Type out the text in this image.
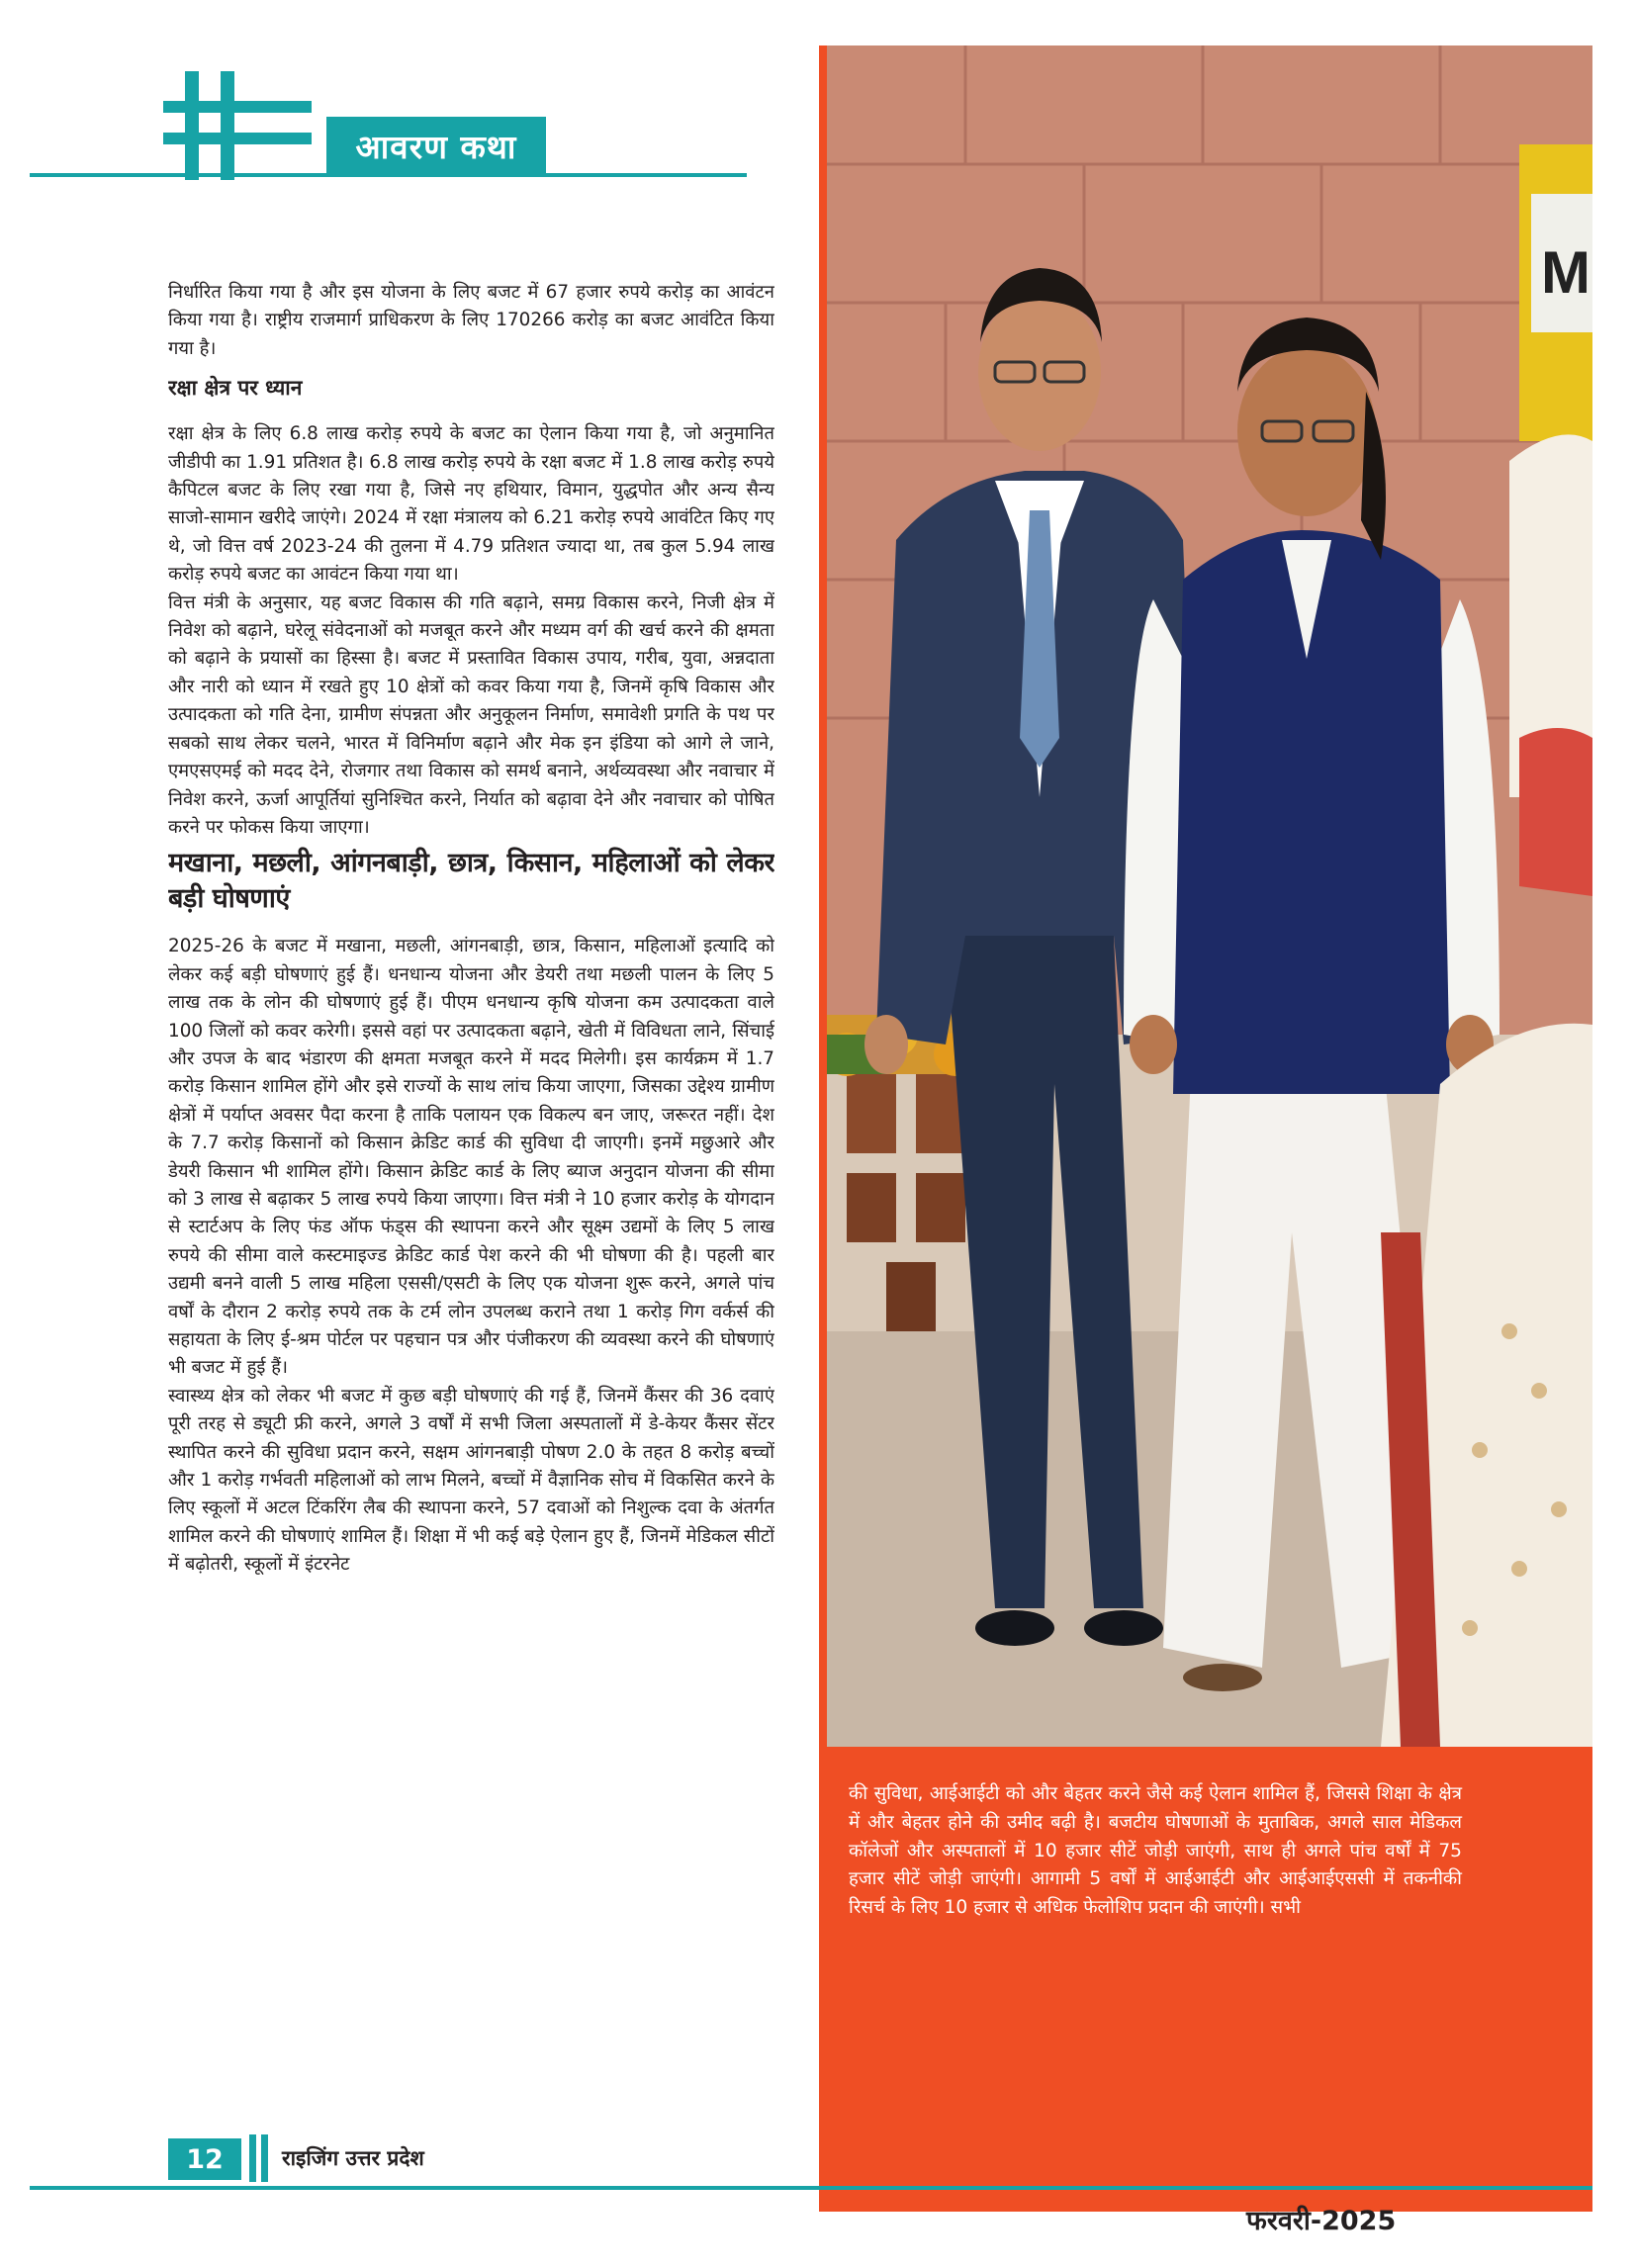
आवरण कथा

निर्धारित किया गया है और इस योजना के लिए बजट में 67 हजार रुपये करोड़ का आवंटन किया गया है। राष्ट्रीय राजमार्ग प्राधिकरण के लिए 170266 करोड़ का बजट आवंटित किया गया है।

रक्षा क्षेत्र पर ध्यान

रक्षा क्षेत्र के लिए 6.8 लाख करोड़ रुपये के बजट का ऐलान किया गया है, जो अनुमानित जीडीपी का 1.91 प्रतिशत है। 6.8 लाख करोड़ रुपये के रक्षा बजट में 1.8 लाख करोड़ रुपये कैपिटल बजट के लिए रखा गया है, जिसे नए हथियार, विमान, युद्धपोत और अन्य सैन्य साजो-सामान खरीदे जाएंगे। 2024 में रक्षा मंत्रालय को 6.21 करोड़ रुपये आवंटित किए गए थे, जो वित्त वर्ष 2023-24 की तुलना में 4.79 प्रतिशत ज्यादा था, तब कुल 5.94 लाख करोड़ रुपये बजट का आवंटन किया गया था।

वित्त मंत्री के अनुसार, यह बजट विकास की गति बढ़ाने, समग्र विकास करने, निजी क्षेत्र में निवेश को बढ़ाने, घरेलू संवेदनाओं को मजबूत करने और मध्यम वर्ग की खर्च करने की क्षमता को बढ़ाने के प्रयासों का हिस्सा है। बजट में प्रस्तावित विकास उपाय, गरीब, युवा, अन्नदाता और नारी को ध्यान में रखते हुए 10 क्षेत्रों को कवर किया गया है, जिनमें कृषि विकास और उत्पादकता को गति देना, ग्रामीण संपन्नता और अनुकूलन निर्माण, समावेशी प्रगति के पथ पर सबको साथ लेकर चलने, भारत में विनिर्माण बढ़ाने और मेक इन इंडिया को आगे ले जाने, एमएसएमई को मदद देने, रोजगार तथा विकास को समर्थ बनाने, अर्थव्यवस्था और नवाचार में निवेश करने, ऊर्जा आपूर्तियां सुनिश्चित करने, निर्यात को बढ़ावा देने और नवाचार को पोषित करने पर फोकस किया जाएगा।

मखाना, मछली, आंगनबाड़ी, छात्र, किसान, महिलाओं को लेकर बड़ी घोषणाएं

2025-26 के बजट में मखाना, मछली, आंगनबाड़ी, छात्र, किसान, महिलाओं इत्यादि को लेकर कई बड़ी घोषणाएं हुई हैं। धनधान्य योजना और डेयरी तथा मछली पालन के लिए 5 लाख तक के लोन की घोषणाएं हुई हैं। पीएम धनधान्य कृषि योजना कम उत्पादकता वाले 100 जिलों को कवर करेगी। इससे वहां पर उत्पादकता बढ़ाने, खेती में विविधता लाने, सिंचाई और उपज के बाद भंडारण की क्षमता मजबूत करने में मदद मिलेगी। इस कार्यक्रम में 1.7 करोड़ किसान शामिल होंगे और इसे राज्यों के साथ लांच किया जाएगा, जिसका उद्देश्य ग्रामीण क्षेत्रों में पर्याप्त अवसर पैदा करना है ताकि पलायन एक विकल्प बन जाए, जरूरत नहीं। देश के 7.7 करोड़ किसानों को किसान क्रेडिट कार्ड की सुविधा दी जाएगी। इनमें मछुआरे और डेयरी किसान भी शामिल होंगे। किसान क्रेडिट कार्ड के लिए ब्याज अनुदान योजना की सीमा को 3 लाख से बढ़ाकर 5 लाख रुपये किया जाएगा। वित्त मंत्री ने 10 हजार करोड़ के योगदान से स्टार्टअप के लिए फंड ऑफ फंड्स की स्थापना करने और सूक्ष्म उद्यमों के लिए 5 लाख रुपये की सीमा वाले कस्टमाइज्ड क्रेडिट कार्ड पेश करने की भी घोषणा की है। पहली बार उद्यमी बनने वाली 5 लाख महिला एससी/एसटी के लिए एक योजना शुरू करने, अगले पांच वर्षों के दौरान 2 करोड़ रुपये तक के टर्म लोन उपलब्ध कराने तथा 1 करोड़ गिग वर्कर्स की सहायता के लिए ई-श्रम पोर्टल पर पहचान पत्र और पंजीकरण की व्यवस्था करने की घोषणाएं भी बजट में हुई हैं।

स्वास्थ्य क्षेत्र को लेकर भी बजट में कुछ बड़ी घोषणाएं की गई हैं, जिनमें कैंसर की 36 दवाएं पूरी तरह से ड्यूटी फ्री करने, अगले 3 वर्षों में सभी जिला अस्पतालों में डे-केयर कैंसर सेंटर स्थापित करने की सुविधा प्रदान करने, सक्षम आंगनबाड़ी पोषण 2.0 के तहत 8 करोड़ बच्चों और 1 करोड़ गर्भवती महिलाओं को लाभ मिलने, बच्चों में वैज्ञानिक सोच में विकसित करने के लिए स्कूलों में अटल टिंकरिंग लैब की स्थापना करने, 57 दवाओं को निशुल्क दवा के अंतर्गत शामिल करने की घोषणाएं शामिल हैं। शिक्षा में भी कई बड़े ऐलान हुए हैं, जिनमें मेडिकल सीटों में बढ़ोतरी, स्कूलों में इंटरनेट

M
की सुविधा, आईआईटी को और बेहतर करने जैसे कई ऐलान शामिल हैं, जिससे शिक्षा के क्षेत्र में और बेहतर होने की उमीद बढ़ी है। बजटीय घोषणाओं के मुताबिक, अगले साल मेडिकल कॉलेजों और अस्पतालों में 10 हजार सीटें जोड़ी जाएंगी, साथ ही अगले पांच वर्षों में 75 हजार सीटें जोड़ी जाएंगी। आगामी 5 वर्षों में आईआईटी और आईआईएससी में तकनीकी रिसर्च के लिए 10 हजार से अधिक फेलोशिप प्रदान की जाएंगी। सभी
12	राइजिंग उत्तर प्रदेश
फरवरी-2025
